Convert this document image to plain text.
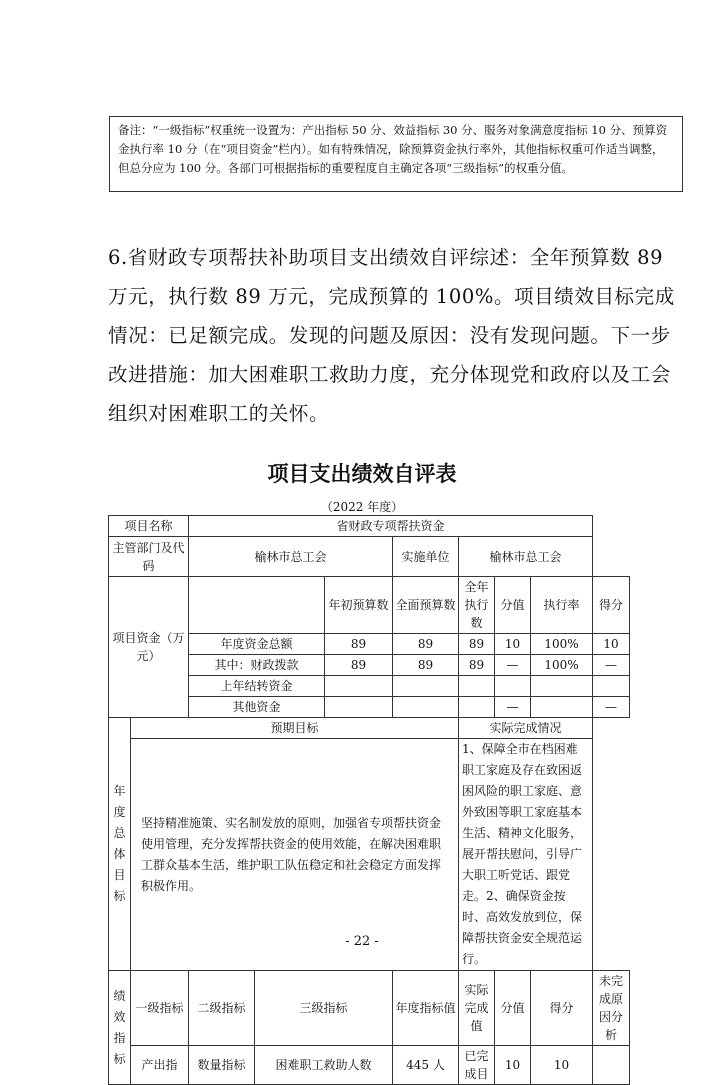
备注：“一级指标”权重统一设置为：产出指标 50 分、效益指标 30 分、服务对象满意度指标 10 分、预算资金执行率 10 分（在“项目资金”栏内）。如有特殊情况，除预算资金执行率外，其他指标权重可作适当调整，但总分应为 100 分。各部门可根据指标的重要程度自主确定各项“三级指标”的权重分值。
6.省财政专项帮扶补助项目支出绩效自评综述：全年预算数 89 万元，执行数 89 万元，完成预算的 100%。项目绩效目标完成情况：已足额完成。发现的问题及原因：没有发现问题。下一步改进措施：加大困难职工救助力度，充分体现党和政府以及工会组织对困难职工的关怀。
项目支出绩效自评表
（2022 年度）
项目名称		省财政专项帮扶资金							
主管部门及代码		榆林市总工会			实施单位	榆林市总工会			
项目资金（万元）				年初预算数	全面预算数	全年执行数	分值	执行率	得分
		年度资金总额		89	89	89	10	100%	10
		其中：财政拨款		89	89	89	—	100%	—
		上年结转资金							
		其他资金					—		—
年度总体目标	预期目标					实际完成情况			
	坚持精准施策、实名制发放的原则，加强省专项帮扶资金使用管理，充分发挥帮扶资金的使用效能，在解决困难职工群众基本生活，维护职工队伍稳定和社会稳定方面发挥积极作用。					1、保障全市在档困难职工家庭及存在致困返困风险的职工家庭、意外致困等职工家庭基本生活、精神文化服务，展开帮扶慰问，引导广大职工听党话、跟党走。2、确保资金按时、高效发放到位，保障帮扶资金安全规范运行。			
绩效指标	一级指标	二级指标	三级指标		年度指标值	实际完成值	分值	得分	未完成原因分析
	产出指	数量指标	困难职工救助人数		445 人	已完成目	10	10	
- 22 -
